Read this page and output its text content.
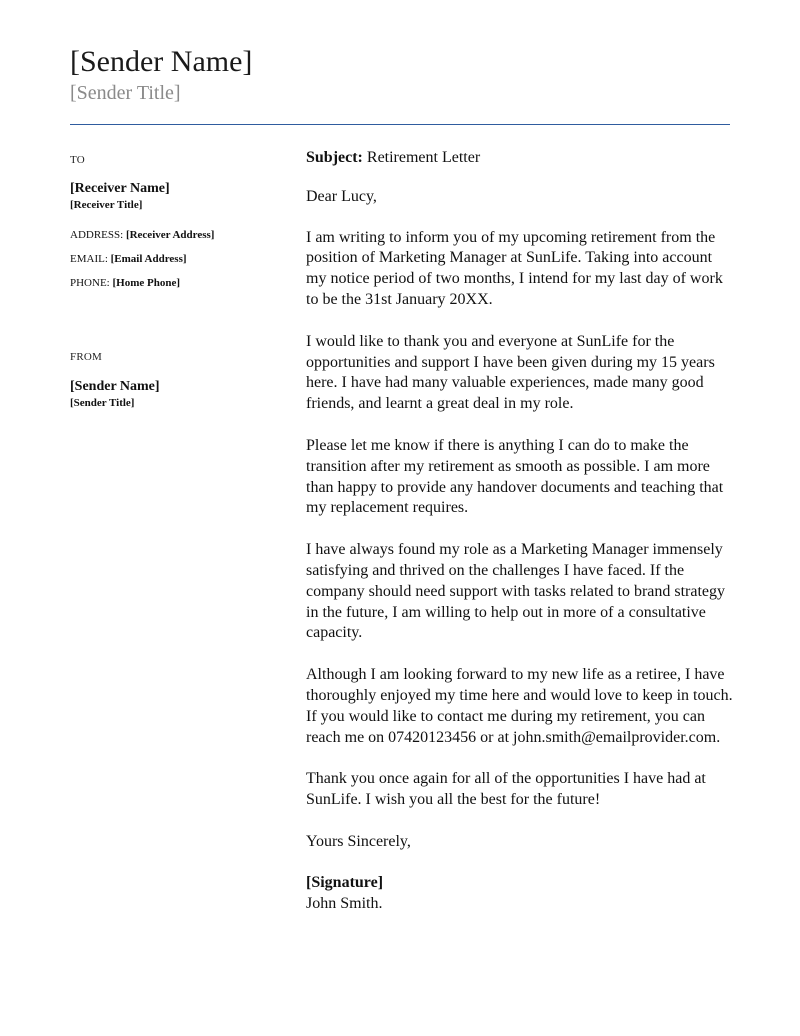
[Sender Name]
[Sender Title]
TO
[Receiver Name]
[Receiver Title]
ADDRESS: [Receiver Address]
EMAIL: [Email Address]
PHONE: [Home Phone]
FROM
[Sender Name]
[Sender Title]

Subject: Retirement Letter

Dear Lucy,

I am writing to inform you of my upcoming retirement from the position of Marketing Manager at SunLife. Taking into account my notice period of two months, I intend for my last day of work to be the 31st January 20XX.

I would like to thank you and everyone at SunLife for the opportunities and support I have been given during my 15 years here. I have had many valuable experiences, made many good friends, and learnt a great deal in my role.

Please let me know if there is anything I can do to make the transition after my retirement as smooth as possible. I am more than happy to provide any handover documents and teaching that my replacement requires.

I have always found my role as a Marketing Manager immensely satisfying and thrived on the challenges I have faced. If the company should need support with tasks related to brand strategy in the future, I am willing to help out in more of a consultative capacity.

Although I am looking forward to my new life as a retiree, I have thoroughly enjoyed my time here and would love to keep in touch. If you would like to contact me during my retirement, you can reach me on 07420123456 or at john.smith@emailprovider.com.

Thank you once again for all of the opportunities I have had at SunLife. I wish you all the best for the future!

Yours Sincerely,

[Signature]

John Smith.
